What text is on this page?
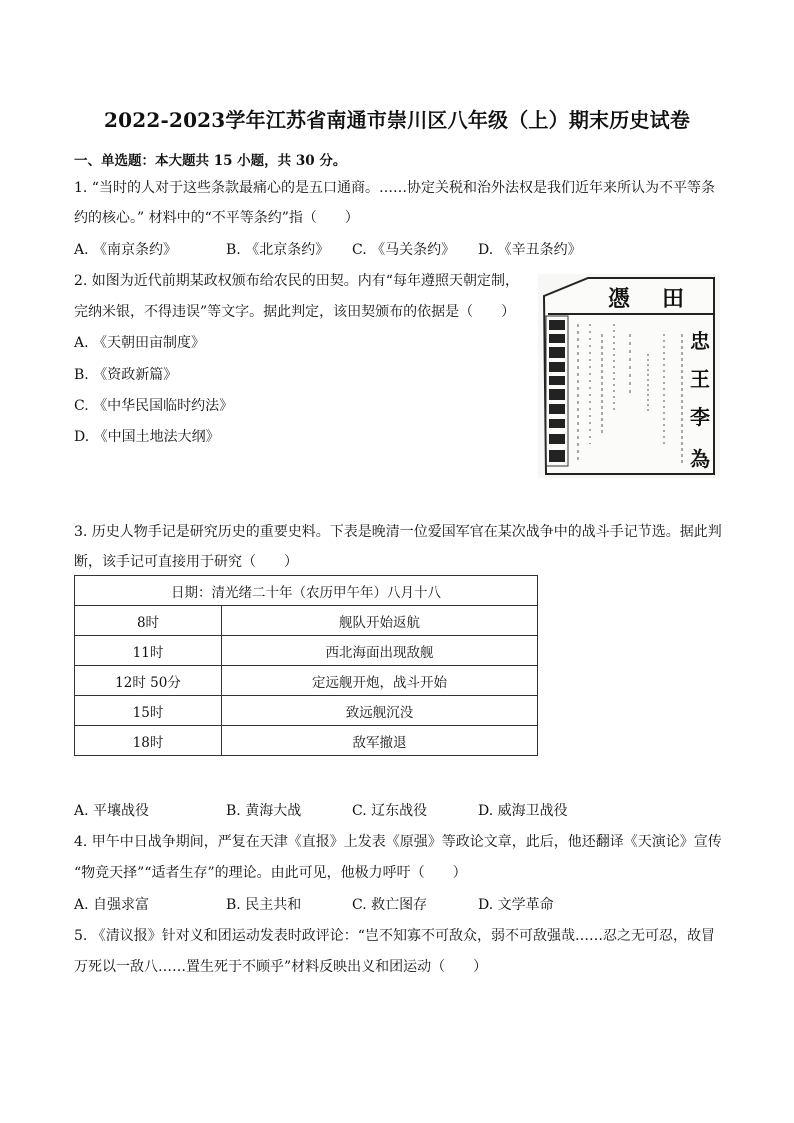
2022-2023学年江苏省南通市崇川区八年级（上）期末历史试卷
一、单选题：本大题共 15 小题，共 30 分。
1. “当时的人对于这些条款最痛心的是五口通商。……协定关税和治外法权是我们近年来所认为不平等条
约的核心。” 材料中的“不平等条约”指（　　）
A. 《南京条约》	B. 《北京条约》 C. 《马关条约》 D. 《辛丑条约》
2. 如图为近代前期某政权颁布给农民的田契。内有“每年遵照天朝定制，
完纳米银，不得违误”等文字。据此判定，该田契颁布的依据是（　　）
A. 《天朝田亩制度》
B. 《资政新篇》
C. 《中华民国临时约法》
D. 《中国土地法大纲》
憑 田
忠
王
李
為
3. 历史人物手记是研究历史的重要史料。下表是晚清一位爱国军官在某次战争中的战斗手记节选。据此判
断，该手记可直接用于研究（　　）
日期：清光绪二十年（农历甲午年）八月十八	
8时	舰队开始返航
11时	西北海面出现敌舰
12时 50分	定远舰开炮，战斗开始
15时	致远舰沉没
18时	敌军撤退
A. 平壤战役	B. 黄海大战	C. 辽东战役	D. 威海卫战役
4. 甲午中日战争期间，严复在天津《直报》上发表《原强》等政论文章，此后，他还翻译《天演论》宣传
“物竞天择”“适者生存”的理论。由此可见，他极力呼吁（　　）
A. 自强求富	B. 民主共和	C. 救亡图存	D. 文学革命
5. 《清议报》针对义和团运动发表时政评论：“岂不知寡不可敌众，弱不可敌强哉……忍之无可忍，故冒
万死以一敌八……置生死于不顾乎”材料反映出义和团运动（　　）
